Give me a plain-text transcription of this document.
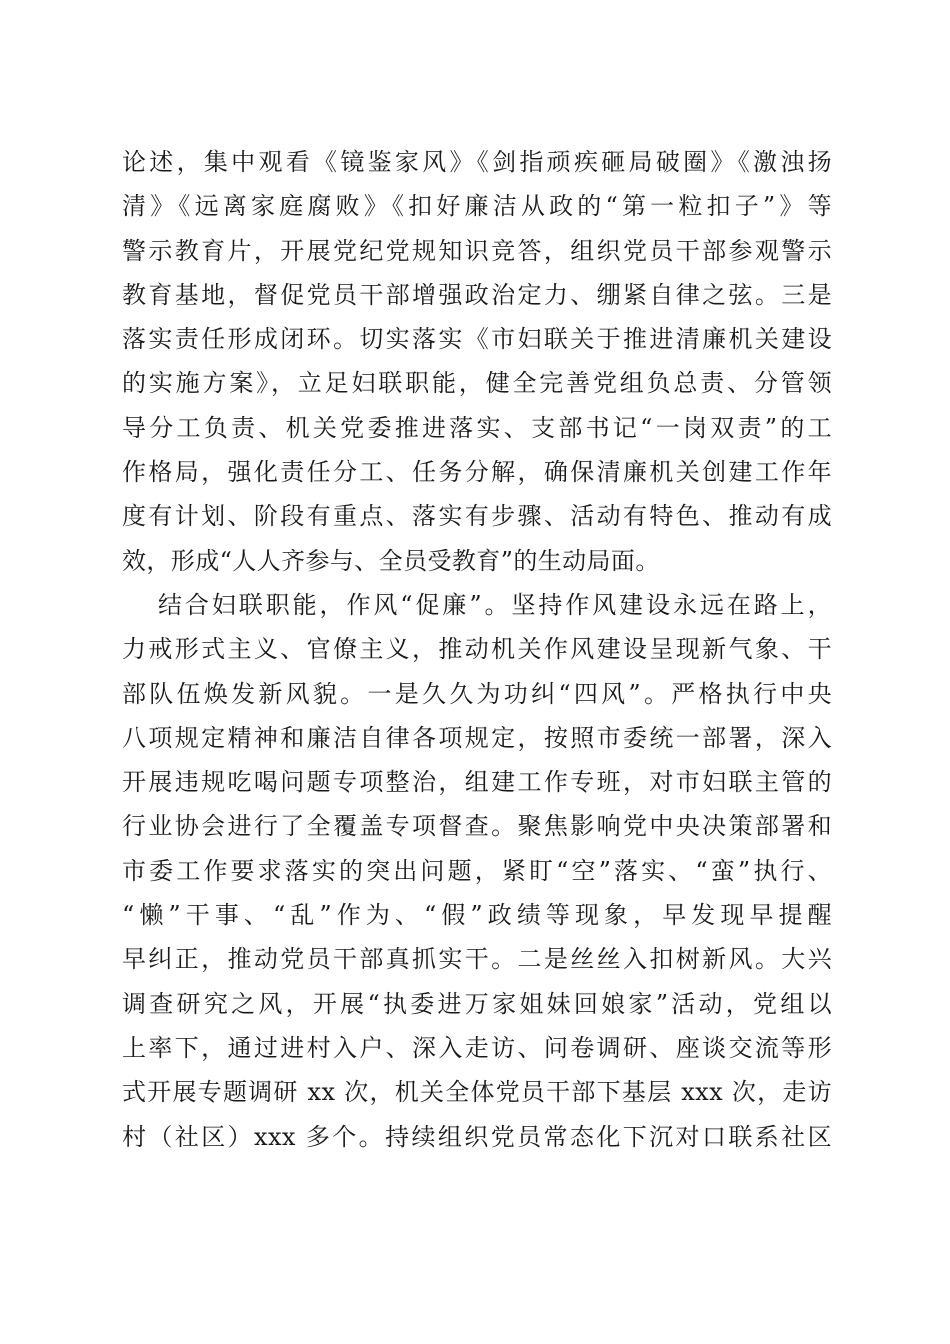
论述，集中观看《镜鉴家风》《剑指顽疾砸局破圈》《激浊扬
清》《远离家庭腐败》《扣好廉洁从政的“第一粒扣子”》等
警示教育片，开展党纪党规知识竞答，组织党员干部参观警示
教育基地，督促党员干部增强政治定力、绷紧自律之弦。三是
落实责任形成闭环。切实落实《市妇联关于推进清廉机关建设
的实施方案》，立足妇联职能，健全完善党组负总责、分管领
导分工负责、机关党委推进落实、支部书记“一岗双责”的工
作格局，强化责任分工、任务分解，确保清廉机关创建工作年
度有计划、阶段有重点、落实有步骤、活动有特色、推动有成
效，形成“人人齐参与、全员受教育”的生动局面。
结合妇联职能，作风“促廉”。坚持作风建设永远在路上，
力戒形式主义、官僚主义，推动机关作风建设呈现新气象、干
部队伍焕发新风貌。一是久久为功纠“四风”。严格执行中央
八项规定精神和廉洁自律各项规定，按照市委统一部署，深入
开展违规吃喝问题专项整治，组建工作专班，对市妇联主管的
行业协会进行了全覆盖专项督查。聚焦影响党中央决策部署和
市委工作要求落实的突出问题，紧盯“空”落实、“蛮”执行、
“懒”干事、“乱”作为、“假”政绩等现象，早发现早提醒
早纠正，推动党员干部真抓实干。二是丝丝入扣树新风。大兴
调查研究之风，开展“执委进万家姐妹回娘家”活动，党组以
上率下，通过进村入户、深入走访、问卷调研、座谈交流等形
式开展专题调研 xx 次，机关全体党员干部下基层 xxx 次，走访
村（社区）xxx 多个。持续组织党员常态化下沉对口联系社区
